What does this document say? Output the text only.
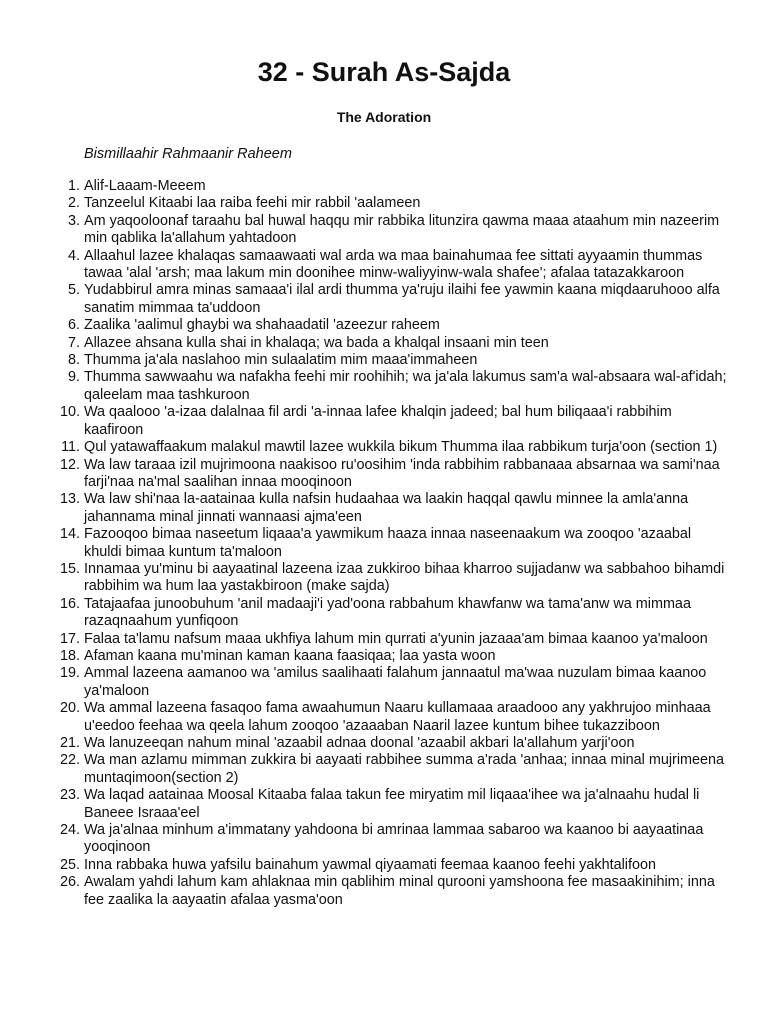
32 - Surah As-Sajda
The Adoration

Bismillaahir Rahmaanir Raheem

1. Alif-Laaam-Meeem
2. Tanzeelul Kitaabi laa raiba feehi mir rabbil 'aalameen
3. Am yaqooloonaf taraahu bal huwal haqqu mir rabbika litunzira qawma maaa ataahum min nazeerim min qablika la'allahum yahtadoon
4. Allaahul lazee khalaqas samaawaati wal arda wa maa bainahumaa fee sittati ayyaamin thummas tawaa 'alal 'arsh; maa lakum min doonihee minw-waliyyinw-wala shafee'; afalaa tatazakkaroon
5. Yudabbirul amra minas samaaa'i ilal ardi thumma ya'ruju ilaihi fee yawmin kaana miqdaaruhooo alfa sanatim mimmaa ta'uddoon
6. Zaalika 'aalimul ghaybi wa shahaadatil 'azeezur raheem
7. Allazee ahsana kulla shai in khalaqa; wa bada a khalqal insaani min teen
8. Thumma ja'ala naslahoo min sulaalatim mim maaa'immaheen
9. Thumma sawwaahu wa nafakha feehi mir roohihih; wa ja'ala lakumus sam'a wal-absaara wal-af'idah; qaleelam maa tashkuroon
10. Wa qaalooo 'a-izaa dalalnaa fil ardi 'a-innaa lafee khalqin jadeed; bal hum biliqaaa'i rabbihim kaafiroon
11. Qul yatawaffaakum malakul mawtil lazee wukkila bikum Thumma ilaa rabbikum turja'oon (section 1)
12. Wa law taraaa izil mujrimoona naakisoo ru'oosihim 'inda rabbihim rabbanaaa absarnaa wa sami'naa farji'naa na'mal saalihan innaa mooqinoon
13. Wa law shi'naa la-aatainaa kulla nafsin hudaahaa wa laakin haqqal qawlu minnee la amla'anna jahannama minal jinnati wannaasi ajma'een
14. Fazooqoo bimaa naseetum liqaaa'a yawmikum haaza innaa naseenaakum wa zooqoo 'azaabal khuldi bimaa kuntum ta'maloon
15. Innamaa yu'minu bi aayaatinal lazeena izaa zukkiroo bihaa kharroo sujjadanw wa sabbahoo bihamdi rabbihim wa hum laa yastakbiroon (make sajda)
16. Tatajaafaa junoobuhum 'anil madaaji'i yad'oona rabbahum khawfanw wa tama'anw wa mimmaa razaqnaahum yunfiqoon
17. Falaa ta'lamu nafsum maaa ukhfiya lahum min qurrati a'yunin jazaaa'am bimaa kaanoo ya'maloon
18. Afaman kaana mu'minan kaman kaana faasiqaa; laa yasta woon
19. Ammal lazeena aamanoo wa 'amilus saalihaati falahum jannaatul ma'waa nuzulam bimaa kaanoo ya'maloon
20. Wa ammal lazeena fasaqoo fama awaahumun Naaru kullamaaa araadooo any yakhrujoo minhaaa u'eedoo feehaa wa qeela lahum zooqoo 'azaaaban Naaril lazee kuntum bihee tukazziboon
21. Wa lanuzeeqan nahum minal 'azaabil adnaa doonal 'azaabil akbari la'allahum yarji'oon
22. Wa man azlamu mimman zukkira bi aayaati rabbihee summa a'rada 'anhaa; innaa minal mujrimeena muntaqimoon(section 2)
23. Wa laqad aatainaa Moosal Kitaaba falaa takun fee miryatim mil liqaaa'ihee wa ja'alnaahu hudal li Baneee Israaa'eel
24. Wa ja'alnaa minhum a'immatany yahdoona bi amrinaa lammaa sabaroo wa kaanoo bi aayaatinaa yooqinoon
25. Inna rabbaka huwa yafsilu bainahum yawmal qiyaamati feemaa kaanoo feehi yakhtalifoon
26. Awalam yahdi lahum kam ahlaknaa min qablihim minal qurooni yamshoona fee masaakinihim; inna fee zaalika la aayaatin afalaa yasma'oon
